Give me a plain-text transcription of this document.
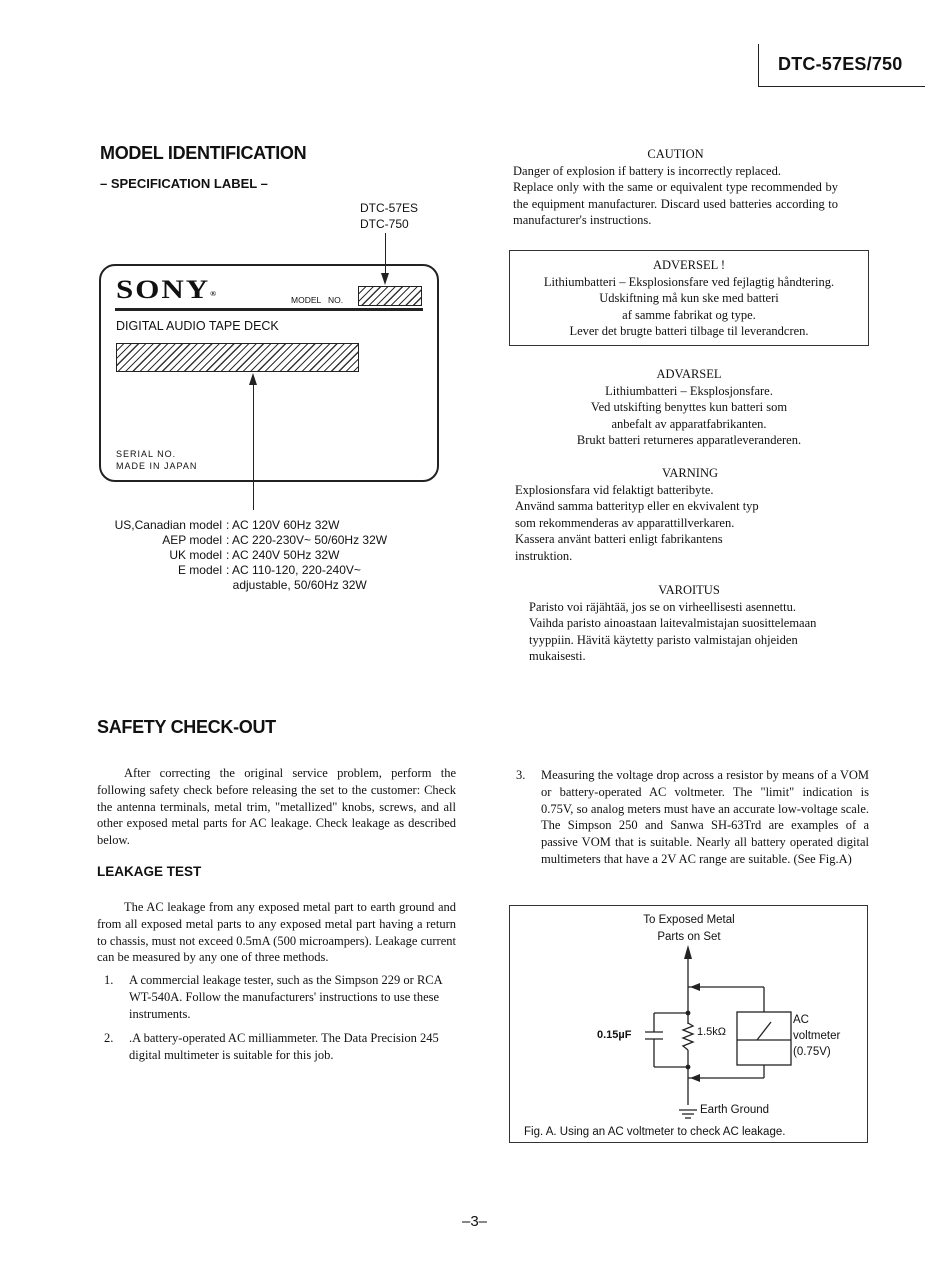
DTC-57ES/750
MODEL IDENTIFICATION
– SPECIFICATION LABEL –
DTC-57ES
DTC-750
SONY®
MODEL   NO.
DIGITAL AUDIO TAPE DECK
SERIAL NO.
MADE IN JAPAN
US,Canadian model : AC 120V 60Hz 32W
AEP model : AC 220-230V~ 50/60Hz 32W
UK model : AC 240V 50Hz 32W
E model : AC 110-120, 220-240V~
adjustable, 50/60Hz 32W
CAUTION
Danger of explosion if battery is incorrectly replaced.
Replace only with the same or equivalent type recommended by the equipment manufacturer. Discard used batteries according to manufacturer's instructions.
ADVERSEL !
Lithiumbatteri – Eksplosionsfare ved fejlagtig håndtering.
Udskiftning må kun ske med batteri
af samme fabrikat og type.
Lever det brugte batteri tilbage til leverandcren.
ADVARSEL
Lithiumbatteri – Eksplosjonsfare.
Ved utskifting benyttes kun batteri som
anbefalt av apparatfabrikanten.
Brukt batteri returneres apparatleveranderen.
VARNING
Explosionsfara vid felaktigt batteribyte.
Använd samma batterityp eller en ekvivalent typ
som rekommenderas av apparattillverkaren.
Kassera använt batteri enligt fabrikantens
instruktion.
VAROITUS
Paristo voi räjähtää, jos se on virheellisesti asennettu.
Vaihda paristo ainoastaan laitevalmistajan suosittelemaan
tyyppiin. Hävitä käytetty paristo valmistajan ohjeiden
mukaisesti.
SAFETY CHECK-OUT
After correcting the original service problem, perform the following safety check before releasing the set to the customer: Check the antenna terminals, metal trim, "metallized" knobs, screws, and all other exposed metal parts for AC leakage. Check leakage as described below.
LEAKAGE TEST
The AC leakage from any exposed metal part to earth ground and from all exposed metal parts to any exposed metal part having a return to chassis, must not exceed 0.5mA (500 microampers). Leakage current can be measured by any one of three methods.
1.	A commercial leakage tester, such as the Simpson 229 or RCA WT-540A. Follow the manufacturers' instructions to use these instruments.
2.	.A battery-operated AC milliammeter. The Data Precision 245 digital multimeter is suitable for this job.
3.	Measuring the voltage drop across a resistor by means of a VOM or battery-operated AC voltmeter. The "limit" indication is 0.75V, so analog meters must have an accurate low-voltage scale. The Simpson 250 and Sanwa SH-63Trd are examples of a passive VOM that is suitable. Nearly all battery operated digital multimeters that have a 2V AC range are suitable. (See Fig.A)
To Exposed Metal
Parts on Set
0.15µF	1.5kΩ
AC
voltmeter
(0.75V)
Earth Ground
Fig. A. Using an AC voltmeter to check AC leakage.
–3–
